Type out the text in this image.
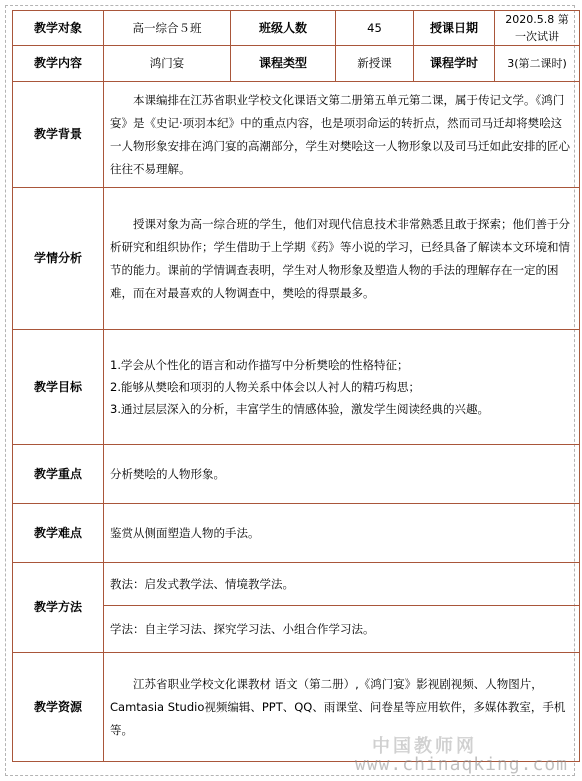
教学对象	高一综合５班	班级人数	45	授课日期	2020.5.8 第
一次试讲

教学内容	鸿门宴	课程类型	新授课	课程学时	3(第二课时)
教学背景	本课编排在江苏省职业学校文化课语文第二册第五单元第二课，属于传记文学。《鸿门宴》是《史记·项羽本纪》中的重点内容，也是项羽命运的转折点，然而司马迁却将樊哙这一人物形象安排在鸿门宴的高潮部分，学生对樊哙这一人物形象以及司马迁如此安排的匠心往往不易理解。				

学情分析	授课对象为高一综合班的学生，他们对现代信息技术非常熟悉且敢于探索；他们善于分析研究和组织协作；学生借助于上学期《药》等小说的学习，已经具备了解读本文环境和情节的能力。课前的学情调查表明，学生对人物形象及塑造人物的手法的理解存在一定的困难，而在对最喜欢的人物调查中，樊哙的得票最多。				

教学目标	1.学会从个性化的语言和动作描写中分析樊哙的性格特征；

2.能够从樊哙和项羽的人物关系中体会以人衬人的精巧构思；

3.通过层层深入的分析，丰富学生的情感体验，激发学生阅读经典的兴趣。				

教学重点	分析樊哙的人物形象。				
教学难点	鉴赏从侧面塑造人物的手法。				
教学方法	教法：启发式教学法、情境教学法。				
	学法：自主学习法、探究学习法、小组合作学习法。				
教学资源	江苏省职业学校文化课教材 语文（第二册）,《鸿门宴》影视剧视频、人物图片，Camtasia Studio视频编辑、PPT、QQ、雨课堂、问卷星等应用软件，多媒体教室，手机等。				

中国教师网
www.chinaqking.com
